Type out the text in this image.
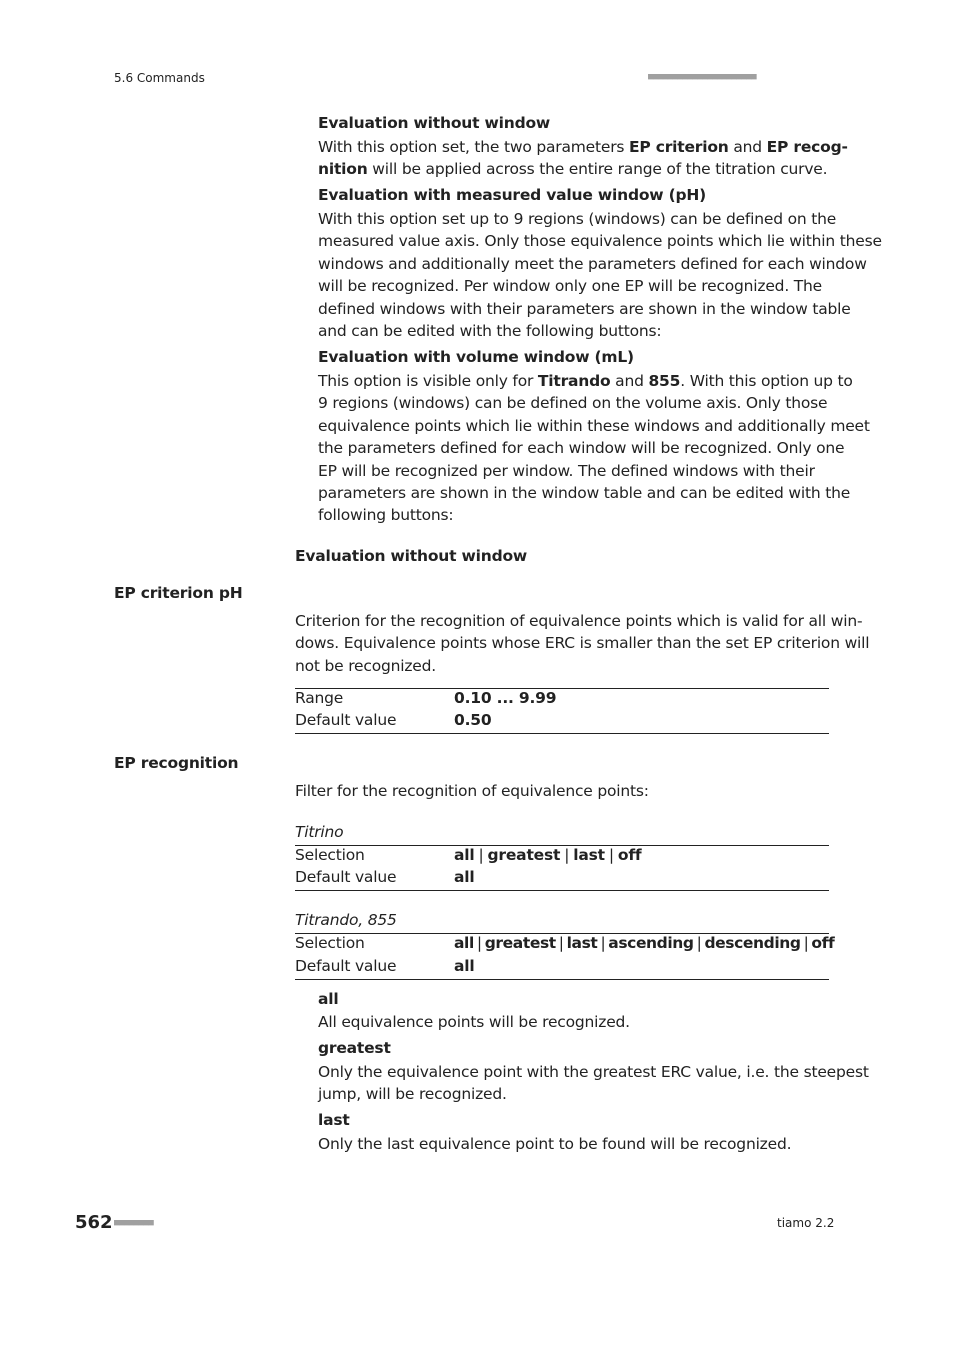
5.6 Commands	■■■■■■■■■■■■■■■■■■■■■■
Evaluation without window
With this option set, the two parameters EP criterion and EP recog-
nition will be applied across the entire range of the titration curve.
Evaluation with measured value window (pH)
With this option set up to 9 regions (windows) can be defined on the
measured value axis. Only those equivalence points which lie within these
windows and additionally meet the parameters defined for each window
will be recognized. Per window only one EP will be recognized. The
defined windows with their parameters are shown in the window table
and can be edited with the following buttons:
Evaluation with volume window (mL)
This option is visible only for Titrando and 855. With this option up to
9 regions (windows) can be defined on the volume axis. Only those
equivalence points which lie within these windows and additionally meet
the parameters defined for each window will be recognized. Only one
EP will be recognized per window. The defined windows with their
parameters are shown in the window table and can be edited with the
following buttons:
Evaluation without window
EP criterion pH
Criterion for the recognition of equivalence points which is valid for all win-
dows. Equivalence points whose ERC is smaller than the set EP criterion will
not be recognized.
Range	0.10 ... 9.99
Default value	0.50
EP recognition
Filter for the recognition of equivalence points:
Titrino
Selection	all | greatest | last | off
Default value	all
Titrando, 855
Selection	all | greatest | last | ascending | descending | off
Default value	all
all
All equivalence points will be recognized.
greatest
Only the equivalence point with the greatest ERC value, i.e. the steepest
jump, will be recognized.
last
Only the last equivalence point to be found will be recognized.
562 ■■■■■■■■	tiamo 2.2
